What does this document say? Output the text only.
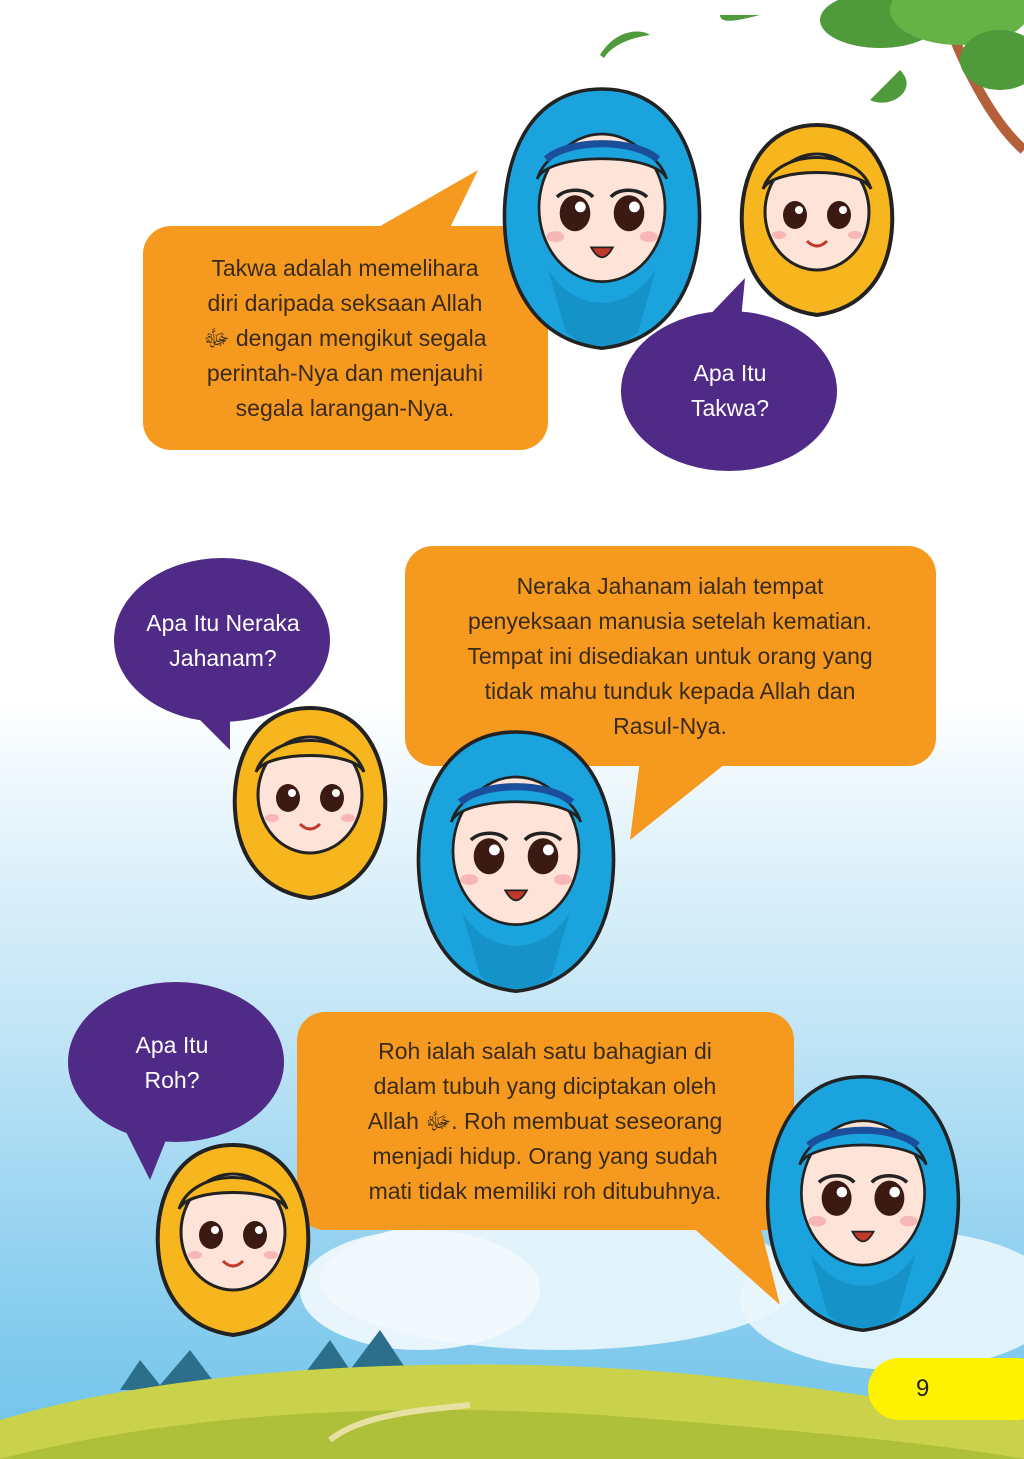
Takwa adalah memelihara
diri daripada seksaan Allah
ﷻ dengan mengikut segala
perintah-Nya dan menjauhi
segala larangan-Nya.
Apa Itu
Takwa?
Apa Itu Neraka
Jahanam?
Neraka Jahanam ialah tempat
penyeksaan manusia setelah kematian.
Tempat ini disediakan untuk orang yang
tidak mahu tunduk kepada Allah dan
Rasul-Nya.
Apa Itu
Roh?
Roh ialah salah satu bahagian di
dalam tubuh yang diciptakan oleh
Allah ﷻ. Roh membuat seseorang
menjadi hidup. Orang yang sudah
mati tidak memiliki roh ditubuhnya.
9
